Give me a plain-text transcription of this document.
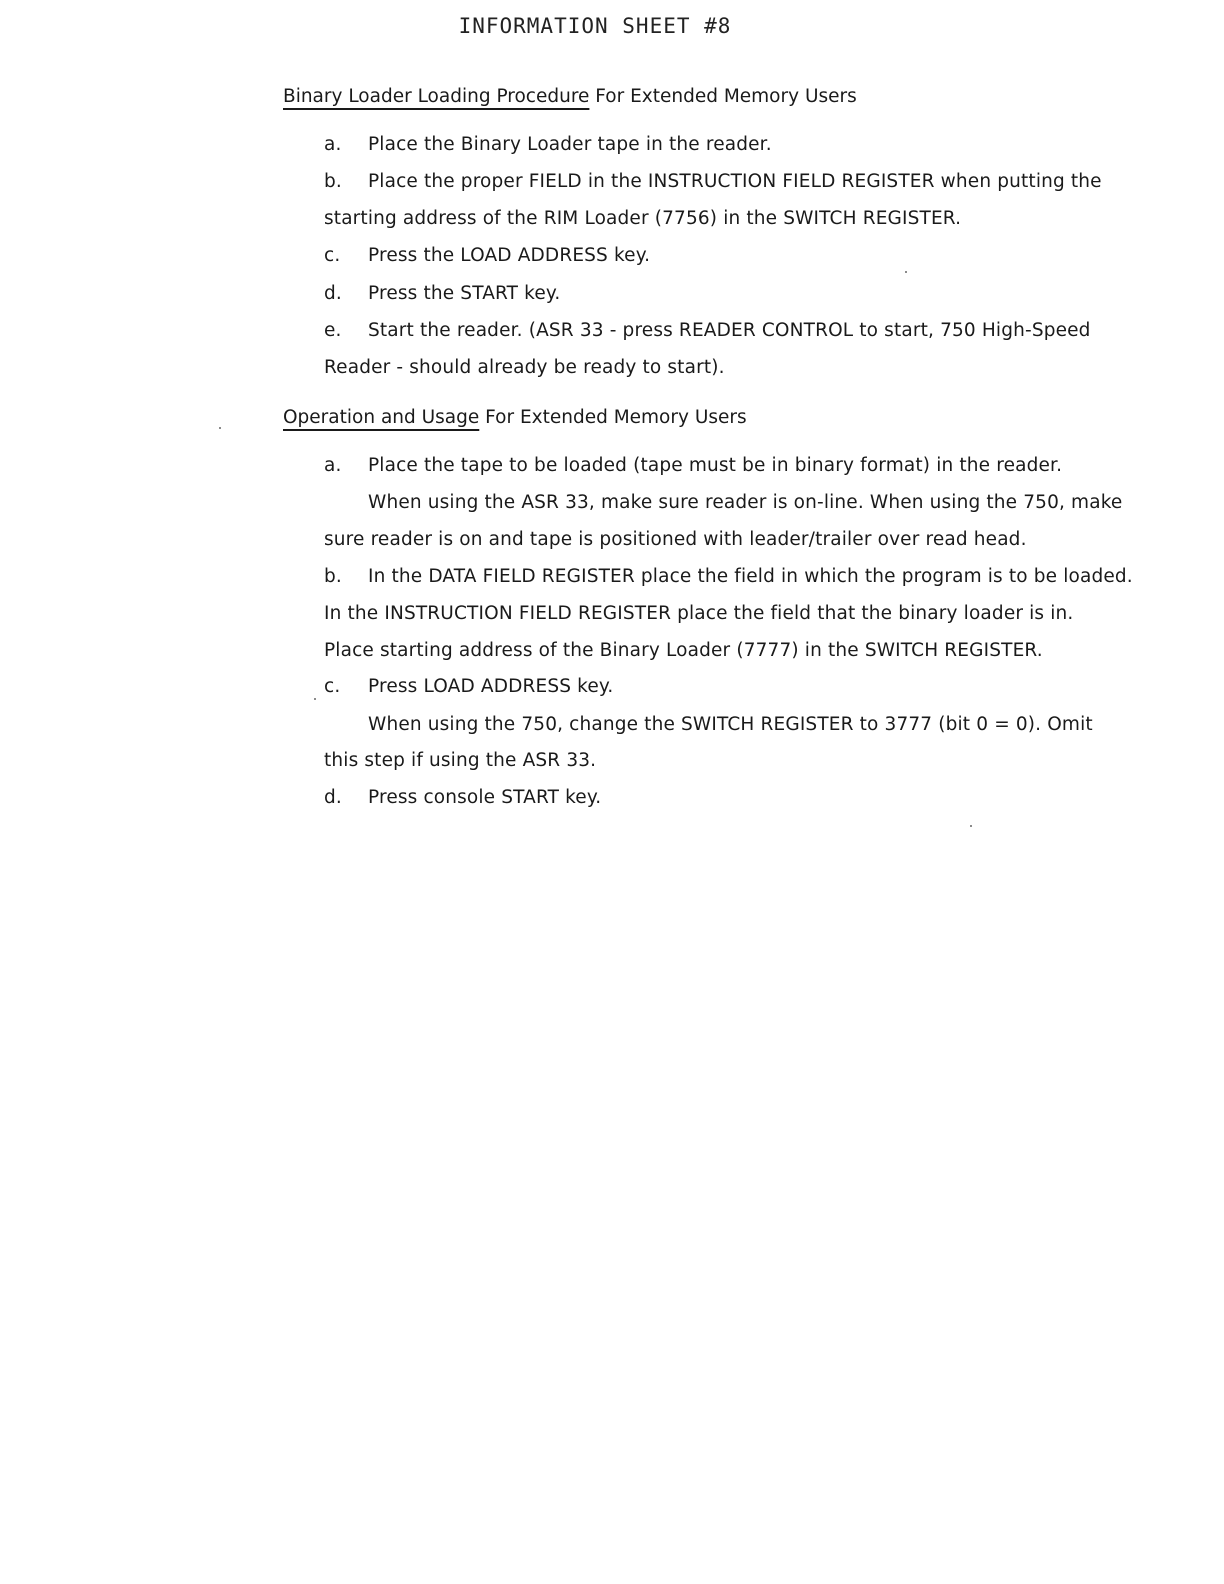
INFORMATION SHEET #8
Binary Loader Loading Procedure For Extended Memory Users
a. Place the Binary Loader tape in the reader.
b. Place the proper FIELD in the INSTRUCTION FIELD REGISTER when putting the
starting address of the RIM Loader (7756) in the SWITCH REGISTER.
c. Press the LOAD ADDRESS key.
d. Press the START key.
e. Start the reader. (ASR 33 - press READER CONTROL to start, 750 High-Speed
Reader - should already be ready to start).
Operation and Usage For Extended Memory Users
a. Place the tape to be loaded (tape must be in binary format) in the reader.
When using the ASR 33, make sure reader is on-line. When using the 750, make
sure reader is on and tape is positioned with leader/trailer over read head.
b. In the DATA FIELD REGISTER place the field in which the program is to be loaded.
In the INSTRUCTION FIELD REGISTER place the field that the binary loader is in.
Place starting address of the Binary Loader (7777) in the SWITCH REGISTER.
c. Press LOAD ADDRESS key.
When using the 750, change the SWITCH REGISTER to 3777 (bit 0 = 0). Omit
this step if using the ASR 33.
d. Press console START key.
